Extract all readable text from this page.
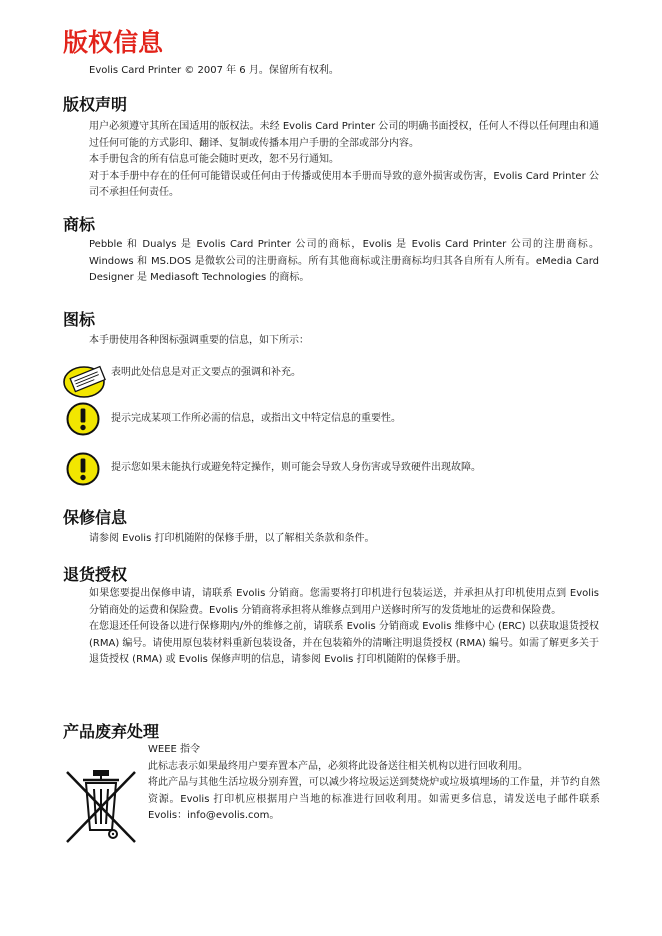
版权信息
Evolis Card Printer © 2007 年 6 月。保留所有权利。
版权声明

用户必须遵守其所在国适用的版权法。未经 Evolis Card Printer 公司的明确书面授权，任何人不得以任何理由和通过任何可能的方式影印、翻译、复制或传播本用户手册的全部或部分内容。

本手册包含的所有信息可能会随时更改，恕不另行通知。

对于本手册中存在的任何可能错误或任何由于传播或使用本手册而导致的意外损害或伤害，Evolis Card Printer 公司不承担任何责任。

商标

Pebble 和 Dualys 是 Evolis Card Printer 公司的商标，Evolis 是 Evolis Card Printer 公司的注册商标。Windows 和 MS.DOS 是微软公司的注册商标。所有其他商标或注册商标均归其各自所有人所有。eMedia Card Designer 是 Mediasoft Technologies 的商标。

图标
本手册使用各种图标强调重要的信息，如下所示：
表明此处信息是对正文要点的强调和补充。
提示完成某项工作所必需的信息，或指出文中特定信息的重要性。
提示您如果未能执行或避免特定操作，则可能会导致人身伤害或导致硬件出现故障。
保修信息
请参阅 Evolis 打印机随附的保修手册，以了解相关条款和条件。
退货授权

如果您要提出保修申请，请联系 Evolis 分销商。您需要将打印机进行包装运送，并承担从打印机使用点到 Evolis 分销商处的运费和保险费。Evolis 分销商将承担将从维修点到用户送修时所写的发货地址的运费和保险费。

在您退还任何设备以进行保修期内/外的维修之前，请联系 Evolis 分销商或 Evolis 维修中心 (ERC) 以获取退货授权 (RMA) 编号。请使用原包装材料重新包装设备，并在包装箱外的清晰注明退货授权 (RMA) 编号。如需了解更多关于退货授权 (RMA) 或 Evolis 保修声明的信息，请参阅 Evolis 打印机随附的保修手册。

产品废弃处理

WEEE 指令

此标志表示如果最终用户要弃置本产品，必须将此设备送往相关机构以进行回收利用。

将此产品与其他生活垃圾分别弃置，可以减少将垃圾运送到焚烧炉或垃圾填埋场的工作量，并节约自然资源。Evolis 打印机应根据用户当地的标准进行回收利用。如需更多信息，请发送电子邮件联系 Evolis：info@evolis.com。
